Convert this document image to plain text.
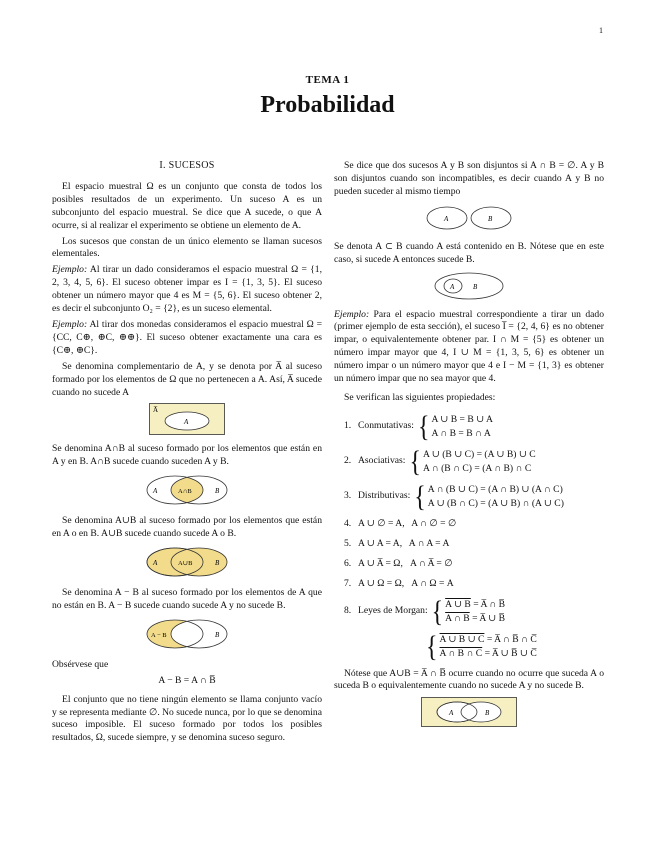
1
TEMA 1
Probabilidad
I. SUCESOS

El espacio muestral Ω es un conjunto que consta de todos los posibles resultados de un experimento. Un suceso A es un subconjunto del espacio muestral. Se dice que A sucede, o que A ocurre, si al realizar el experimento se obtiene un elemento de A.

Los sucesos que constan de un único elemento se llaman sucesos elementales.

Ejemplo: Al tirar un dado consideramos el espacio muestral Ω = {1, 2, 3, 4, 5, 6}. El suceso obtener impar es I = {1, 3, 5}. El suceso obtener un número mayor que 4 es M = {5, 6}. El suceso obtener 2, es decir el subconjunto O₂ = {2}, es un suceso elemental.

Ejemplo: Al tirar dos monedas consideramos el espacio muestral Ω = {CC, C⊕, ⊕C, ⊕⊕}. El suceso obtener exactamente una cara es {C⊕, ⊕C}.

Se denomina complementario de A, y se denota por A̅ al suceso formado por los elementos de Ω que no pertenecen a A. Así, A̅ sucede cuando no sucede A

A̅
A

Se denomina A∩B al suceso formado por los elementos que están en A y en B. A∩B sucede cuando suceden A y B.

A	A∩B	B

Se denomina A∪B al suceso formado por los elementos que están en A o en B. A∪B sucede cuando sucede A o B.

A	A∪B	B

Se denomina A − B al suceso formado por los elementos de A que no están en B. A − B sucede cuando sucede A y no sucede B.

A − B	B

Obsérvese que

A − B = A ∩ B̅

El conjunto que no tiene ningún elemento se llama conjunto vacío y se representa mediante ∅. No sucede nunca, por lo que se denomina suceso imposible. El suceso formado por todos los posibles resultados, Ω, sucede siempre, y se denomina suceso seguro.

Se dice que dos sucesos A y B son disjuntos si A ∩ B = ∅. A y B son disjuntos cuando son incompatibles, es decir cuando A y B no pueden suceder al mismo tiempo

A	B

Se denota A ⊂ B cuando A está contenido en B. Nótese que en este caso, si sucede A entonces sucede B.

A	B

Ejemplo: Para el espacio muestral correspondiente a tirar un dado (primer ejemplo de esta sección), el suceso I̅ = {2, 4, 6} es no obtener impar, o equivalentemente obtener par. I ∩ M = {5} es obtener un número impar mayor que 4, I ∪ M = {1, 3, 5, 6} es obtener un número impar o un número mayor que 4 e I − M = {1, 3} es obtener un número impar que no sea mayor que 4.

Se verifican las siguientes propiedades:

1. Conmutativas: { A ∪ B = B ∪ A
A ∩ B = B ∩ A
2. Asociativas: { A ∪ (B ∪ C) = (A ∪ B) ∪ C
A ∩ (B ∩ C) = (A ∩ B) ∩ C
3. Distributivas: { A ∩ (B ∪ C) = (A ∩ B) ∪ (A ∩ C)
A ∪ (B ∩ C) = (A ∪ B) ∩ (A ∪ C)
4. A ∪ ∅ = A,   A ∩ ∅ = ∅
5. A ∪ A = A,   A ∩ A = A
6. A ∪ A̅ = Ω,   A ∩ A̅ = ∅
7. A ∪ Ω = Ω,   A ∩ Ω = A
8. Leyes de Morgan: { A ∪ B = A̅ ∩ B̅
A ∩ B = A̅ ∪ B̅
{ A ∪ B ∪ C = A̅ ∩ B̅ ∩ C̅
A ∩ B ∩ C = A̅ ∪ B̅ ∪ C̅

Nótese que A∪B = A̅ ∩ B̅ ocurre cuando no ocurre que suceda A o suceda B o equivalentemente cuando no sucede A y no sucede B.

A	B
